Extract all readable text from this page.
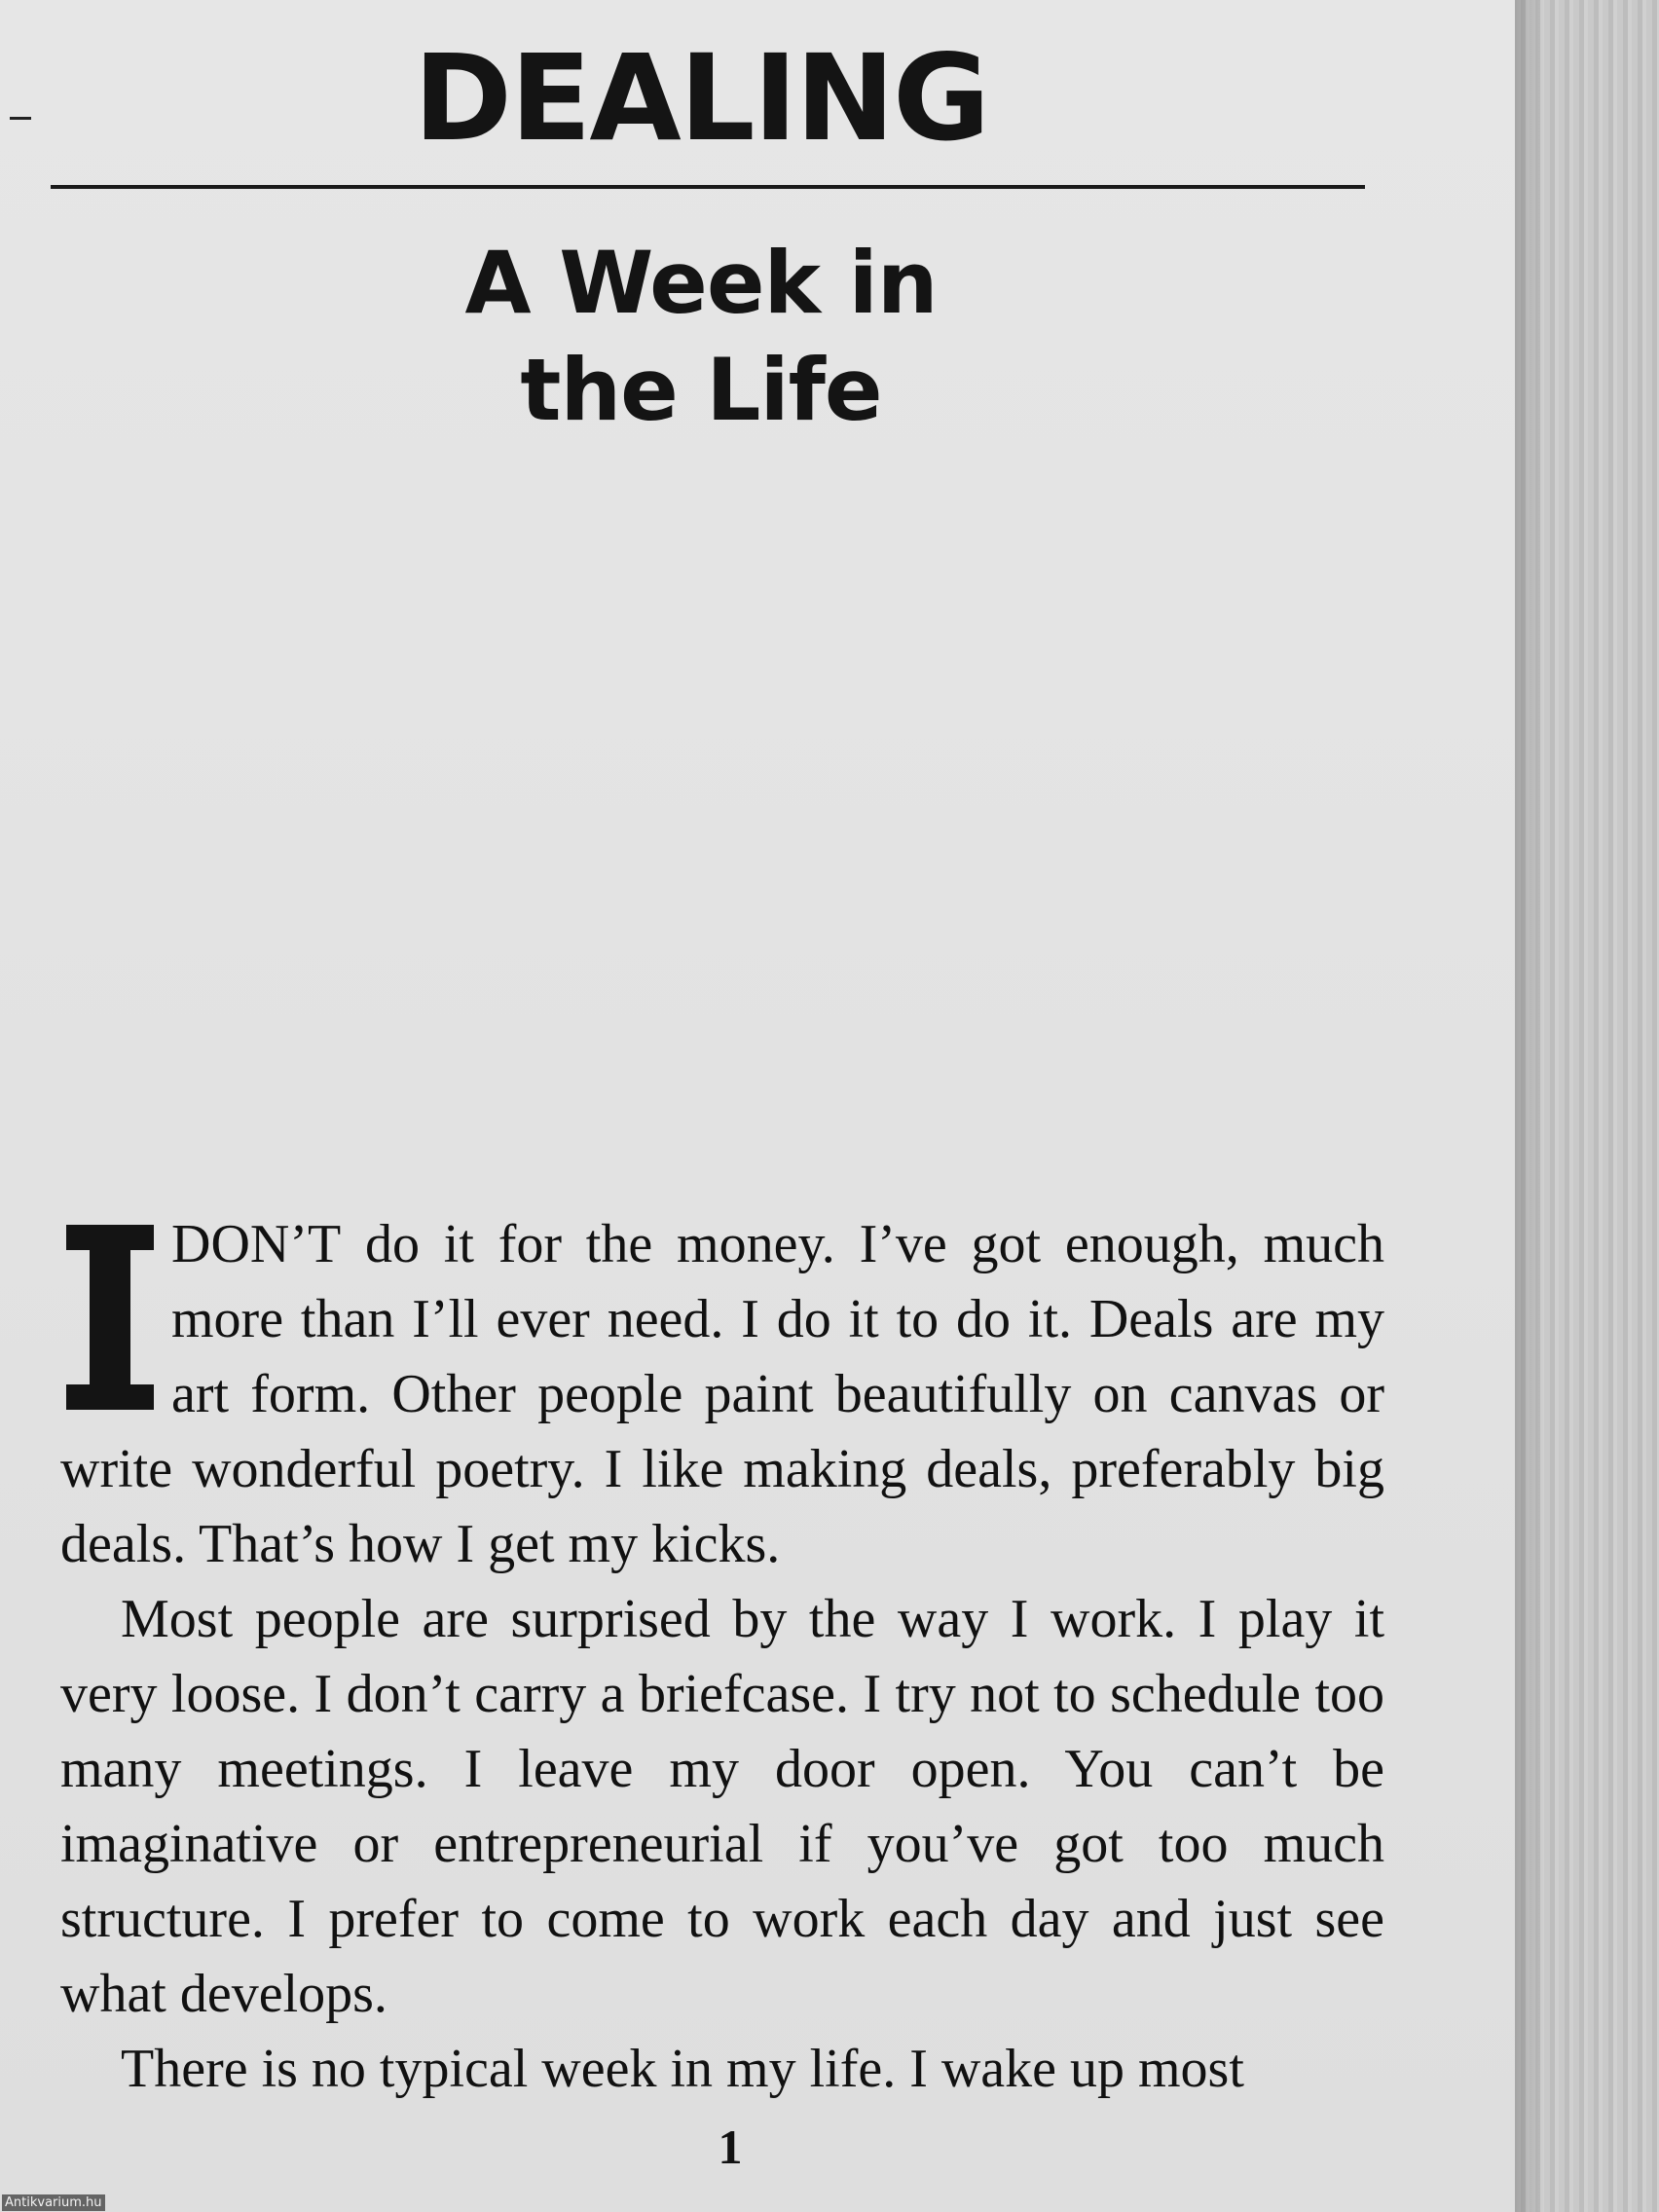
DEALING
A Week in
the Life

DON’T do it for the money. I’ve got enough, much more than I’ll ever need. I do it to do it. Deals are my art form. Other people paint beautifully on canvas or write wonderful poetry. I like making deals, preferably big deals. That’s how I get my kicks.

Most people are surprised by the way I work. I play it very loose. I don’t carry a briefcase. I try not to schedule too many meetings. I leave my door open. You can’t be imaginative or entrepreneurial if you’ve got too much structure. I prefer to come to work each day and just see what develops.

There is no typical week in my life. I wake up most

1
Antikvarium.hu
